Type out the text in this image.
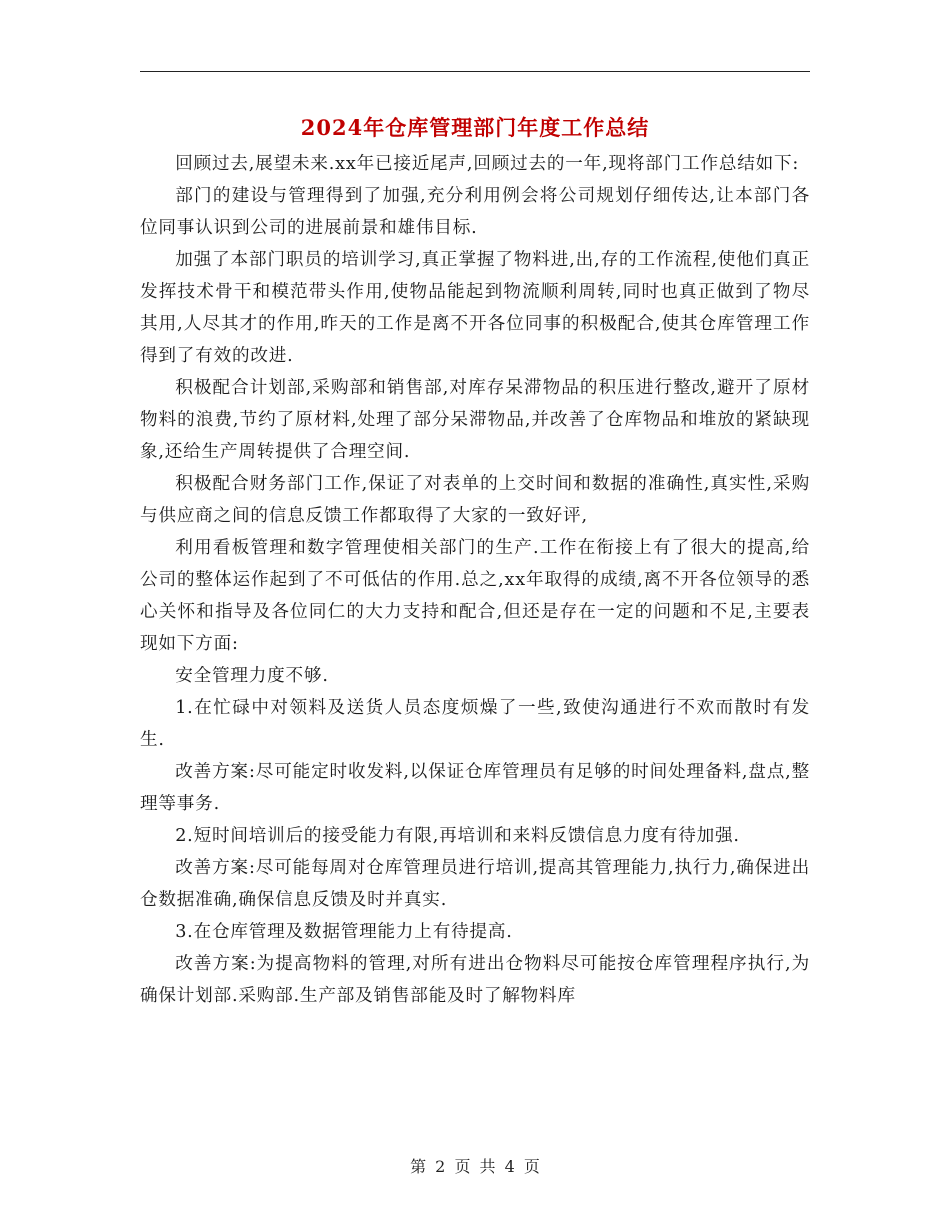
2024年仓库管理部门年度工作总结

回顾过去,展望未来.xx年已接近尾声,回顾过去的一年,现将部门工作总结如下:

部门的建设与管理得到了加强,充分利用例会将公司规划仔细传达,让本部门各位同事认识到公司的进展前景和雄伟目标.

加强了本部门职员的培训学习,真正掌握了物料进,出,存的工作流程,使他们真正发挥技术骨干和模范带头作用,使物品能起到物流顺利周转,同时也真正做到了物尽其用,人尽其才的作用,昨天的工作是离不开各位同事的积极配合,使其仓库管理工作得到了有效的改进.

积极配合计划部,采购部和销售部,对库存呆滞物品的积压进行整改,避开了原材物料的浪费,节约了原材料,处理了部分呆滞物品,并改善了仓库物品和堆放的紧缺现象,还给生产周转提供了合理空间.

积极配合财务部门工作,保证了对表单的上交时间和数据的准确性,真实性,采购与供应商之间的信息反馈工作都取得了大家的一致好评,

利用看板管理和数字管理使相关部门的生产.工作在衔接上有了很大的提高,给公司的整体运作起到了不可低估的作用.总之,xx年取得的成绩,离不开各位领导的悉心关怀和指导及各位同仁的大力支持和配合,但还是存在一定的问题和不足,主要表现如下方面:

安全管理力度不够.

1.在忙碌中对领料及送货人员态度烦燥了一些,致使沟通进行不欢而散时有发生.

改善方案:尽可能定时收发料,以保证仓库管理员有足够的时间处理备料,盘点,整理等事务.

2.短时间培训后的接受能力有限,再培训和来料反馈信息力度有待加强.

改善方案:尽可能每周对仓库管理员进行培训,提高其管理能力,执行力,确保进出仓数据准确,确保信息反馈及时并真实.

3.在仓库管理及数据管理能力上有待提高.

改善方案:为提高物料的管理,对所有进出仓物料尽可能按仓库管理程序执行,为确保计划部.采购部.生产部及销售部能及时了解物料库

第 2 页 共 4 页
